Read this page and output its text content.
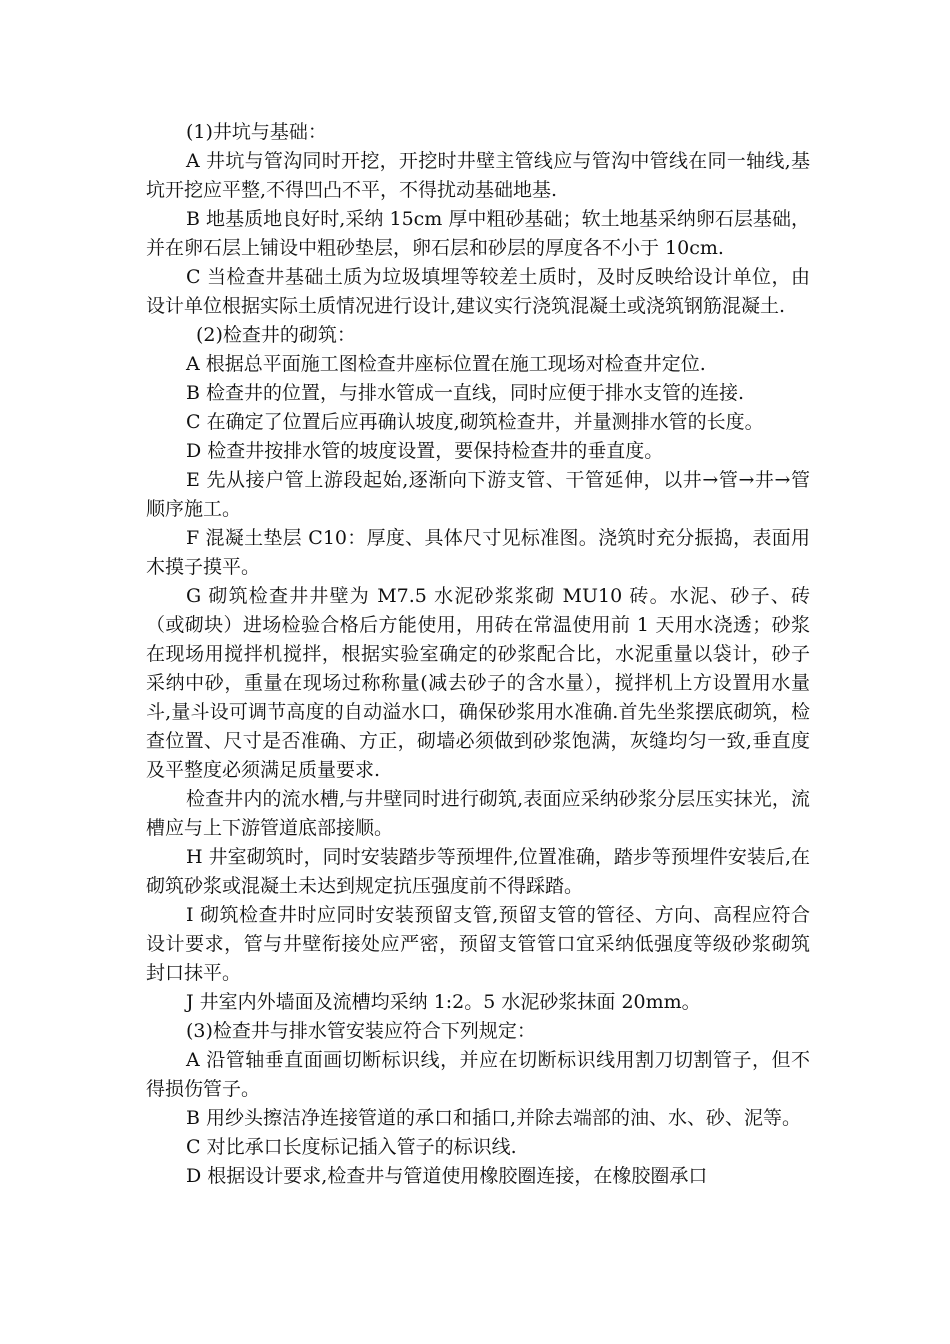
(1)井坑与基础：

A 井坑与管沟同时开挖，开挖时井壁主管线应与管沟中管线在同一轴线,基坑开挖应平整,不得凹凸不平，不得扰动基础地基.

B 地基质地良好时,采纳 15cm 厚中粗砂基础；软土地基采纳卵石层基础，并在卵石层上铺设中粗砂垫层，卵石层和砂层的厚度各不小于 10cm.

C 当检查井基础土质为垃圾填埋等较差土质时，及时反映给设计单位，由设计单位根据实际土质情况进行设计,建议实行浇筑混凝土或浇筑钢筋混凝土.

(2)检查井的砌筑：

A 根据总平面施工图检查井座标位置在施工现场对检查井定位.

B 检查井的位置，与排水管成一直线，同时应便于排水支管的连接.

C 在确定了位置后应再确认坡度,砌筑检查井，并量测排水管的长度。

D 检查井按排水管的坡度设置，要保持检查井的垂直度。

E 先从接户管上游段起始,逐渐向下游支管、干管延伸，以井→管→井→管顺序施工。

F 混凝土垫层 C10：厚度、具体尺寸见标准图。浇筑时充分振捣，表面用木摸子摸平。

G 砌筑检查井井壁为 M7.5 水泥砂浆浆砌 MU10 砖。水泥、砂子、砖（或砌块）进场检验合格后方能使用，用砖在常温使用前 1 天用水浇透；砂浆在现场用搅拌机搅拌，根据实验室确定的砂浆配合比，水泥重量以袋计，砂子采纳中砂，重量在现场过称称量(减去砂子的含水量），搅拌机上方设置用水量斗,量斗设可调节高度的自动溢水口，确保砂浆用水准确.首先坐浆摆底砌筑，检查位置、尺寸是否准确、方正，砌墙必须做到砂浆饱满，灰缝均匀一致,垂直度及平整度必须满足质量要求.

检查井内的流水槽,与井壁同时进行砌筑,表面应采纳砂浆分层压实抹光，流槽应与上下游管道底部接顺。

H 井室砌筑时，同时安装踏步等预埋件,位置准确，踏步等预埋件安装后,在砌筑砂浆或混凝土未达到规定抗压强度前不得踩踏。

I 砌筑检查井时应同时安装预留支管,预留支管的管径、方向、高程应符合设计要求，管与井壁衔接处应严密，预留支管管口宜采纳低强度等级砂浆砌筑封口抹平。

J 井室内外墙面及流槽均采纳 1:2。5 水泥砂浆抹面 20mm。

(3)检查井与排水管安装应符合下列规定：

A 沿管轴垂直面画切断标识线，并应在切断标识线用割刀切割管子，但不得损伤管子。

B 用纱头擦洁净连接管道的承口和插口,并除去端部的油、水、砂、泥等。

C 对比承口长度标记插入管子的标识线.

D 根据设计要求,检查井与管道使用橡胶圈连接，在橡胶圈承口
